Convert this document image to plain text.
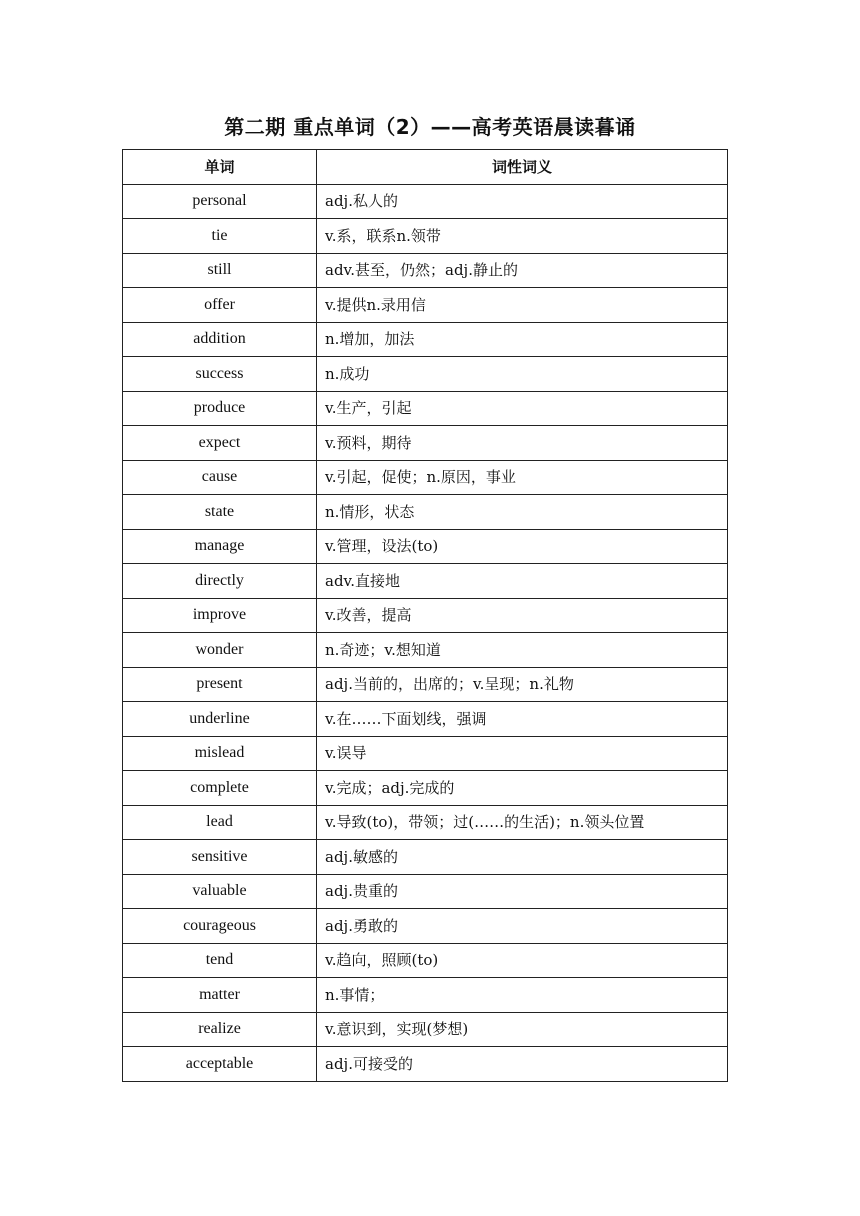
第二期 重点单词（2）——高考英语晨读暮诵
单词	词性词义
personal	adj.私人的
tie	v.系，联系n.领带
still	adv.甚至，仍然；adj.静止的
offer	v.提供n.录用信
addition	n.增加，加法
success	n.成功
produce	v.生产，引起
expect	v.预料，期待
cause	v.引起，促使；n.原因，事业
state	n.情形，状态
manage	v.管理，设法(to)
directly	adv.直接地
improve	v.改善，提高
wonder	n.奇迹；v.想知道
present	adj.当前的，出席的；v.呈现；n.礼物
underline	v.在……下面划线，强调
mislead	v.误导
complete	v.完成；adj.完成的
lead	v.导致(to)，带领；过(……的生活)；n.领头位置
sensitive	adj.敏感的
valuable	adj.贵重的
courageous	adj.勇敢的
tend	v.趋向，照顾(to)
matter	n.事情；
realize	v.意识到，实现(梦想)
acceptable	adj.可接受的
